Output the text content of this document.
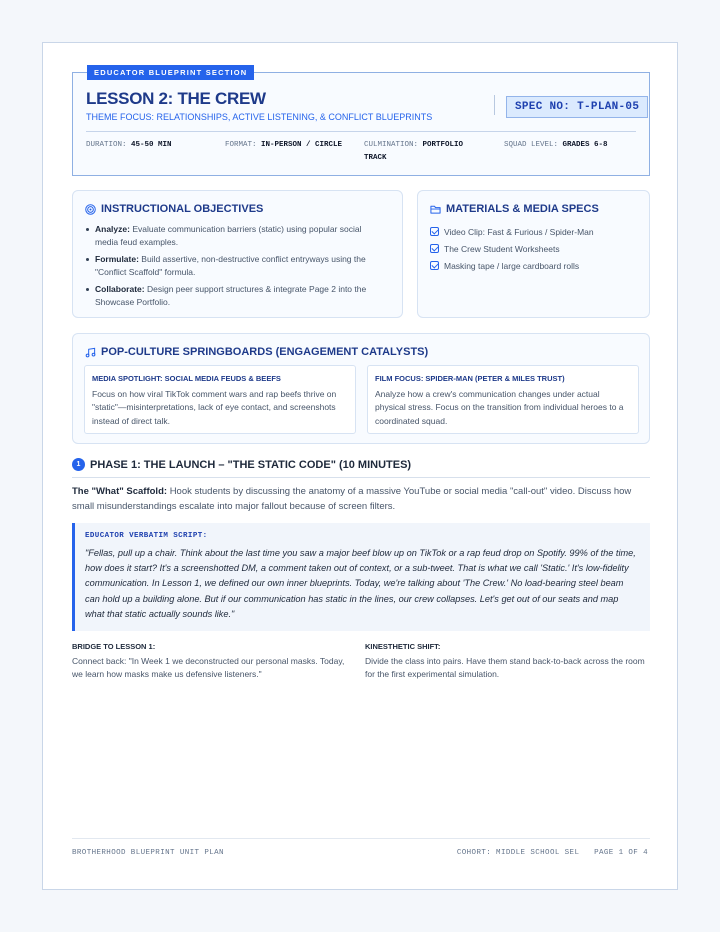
EDUCATOR BLUEPRINT SECTION
LESSON 2: THE CREW
THEME FOCUS: RELATIONSHIPS, ACTIVE LISTENING, & CONFLICT BLUEPRINTS
SPEC NO: T-PLAN-05
DURATION: 45-50 MIN	FORMAT: IN-PERSON / CIRCLE	CULMINATION: PORTFOLIO TRACK
SQUAD LEVEL: GRADES 6-8
INSTRUCTIONAL OBJECTIVES
Analyze: Evaluate communication barriers (static) using popular social media feud examples.
Formulate: Build assertive, non-destructive conflict entryways using the "Conflict Scaffold" formula.
Collaborate: Design peer support structures & integrate Page 2 into the Showcase Portfolio.
MATERIALS & MEDIA SPECS
Video Clip: Fast & Furious / Spider-Man
The Crew Student Worksheets
Masking tape / large cardboard rolls
POP-CULTURE SPRINGBOARDS (ENGAGEMENT CATALYSTS)
MEDIA SPOTLIGHT: SOCIAL MEDIA FEUDS & BEEFS
Focus on how viral TikTok comment wars and rap beefs thrive on "static"—misinterpretations, lack of eye contact, and screenshots instead of direct talk.
FILM FOCUS: SPIDER-MAN (PETER & MILES TRUST)
Analyze how a crew's communication changes under actual physical stress. Focus on the transition from individual heroes to a coordinated squad.
1 PHASE 1: THE LAUNCH – "THE STATIC CODE" (10 MINUTES)
The "What" Scaffold: Hook students by discussing the anatomy of a massive YouTube or social media "call-out" video. Discuss how small misunderstandings escalate into major fallout because of screen filters.
EDUCATOR VERBATIM SCRIPT:
"Fellas, pull up a chair. Think about the last time you saw a major beef blow up on TikTok or a rap feud drop on Spotify. 99% of the time, how does it start? It's a screenshotted DM, a comment taken out of context, or a sub-tweet. That is what we call 'Static.' It's low-fidelity communication. In Lesson 1, we defined our own inner blueprints. Today, we're talking about 'The Crew.' No load-bearing steel beam can hold up a building alone. But if our communication has static in the lines, our crew collapses. Let's get out of our seats and map what that static actually sounds like."
BRIDGE TO LESSON 1:
Connect back: "In Week 1 we deconstructed our personal masks. Today, we learn how masks make us defensive listeners."
KINESTHETIC SHIFT:
Divide the class into pairs. Have them stand back-to-back across the room for the first experimental simulation.
BROTHERHOOD BLUEPRINT UNIT PLAN	COHORT: MIDDLE SCHOOL SEL PAGE 1 OF 4
